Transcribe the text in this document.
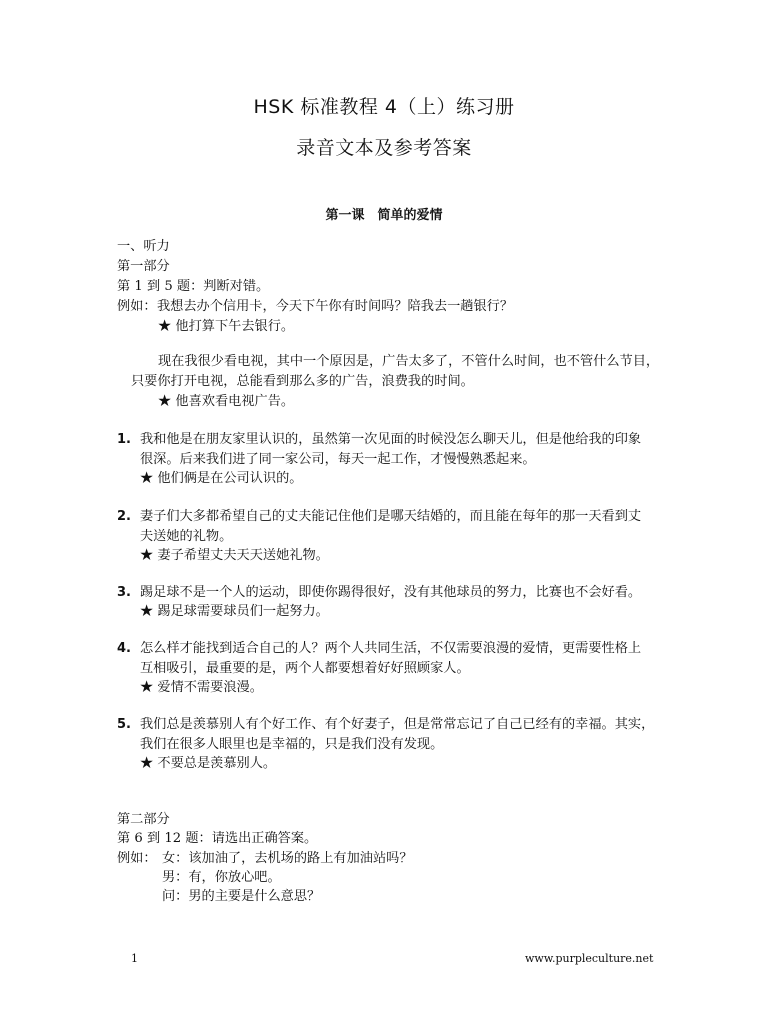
HSK 标准教程 4（上）练习册
录音文本及参考答案
第一课　简单的爱情
一、听力
第一部分
第 1 到 5 题：判断对错。
例如： 我想去办个信用卡，今天下午你有时间吗？陪我去一趟银行？
★ 他打算下午去银行。
现在我很少看电视，其中一个原因是，广告太多了，不管什么时间，也不管什么节目，
只要你打开电视，总能看到那么多的广告，浪费我的时间。
★ 他喜欢看电视广告。
1. 我和他是在朋友家里认识的，虽然第一次见面的时候没怎么聊天儿，但是他给我的印象
很深。后来我们进了同一家公司，每天一起工作，才慢慢熟悉起来。
★ 他们俩是在公司认识的。
2. 妻子们大多都希望自己的丈夫能记住他们是哪天结婚的，而且能在每年的那一天看到丈
夫送她的礼物。
★ 妻子希望丈夫天天送她礼物。
3. 踢足球不是一个人的运动，即使你踢得很好，没有其他球员的努力，比赛也不会好看。
★ 踢足球需要球员们一起努力。
4. 怎么样才能找到适合自己的人？两个人共同生活，不仅需要浪漫的爱情，更需要性格上
互相吸引，最重要的是，两个人都要想着好好照顾家人。
★ 爱情不需要浪漫。
5. 我们总是羡慕别人有个好工作、有个好妻子，但是常常忘记了自己已经有的幸福。其实，
我们在很多人眼里也是幸福的，只是我们没有发现。
★ 不要总是羡慕别人。
第二部分
第 6 到 12 题：请选出正确答案。
例如： 女：该加油了，去机场的路上有加油站吗？
男：有，你放心吧。
问：男的主要是什么意思？
1	www.purpleculture.net
